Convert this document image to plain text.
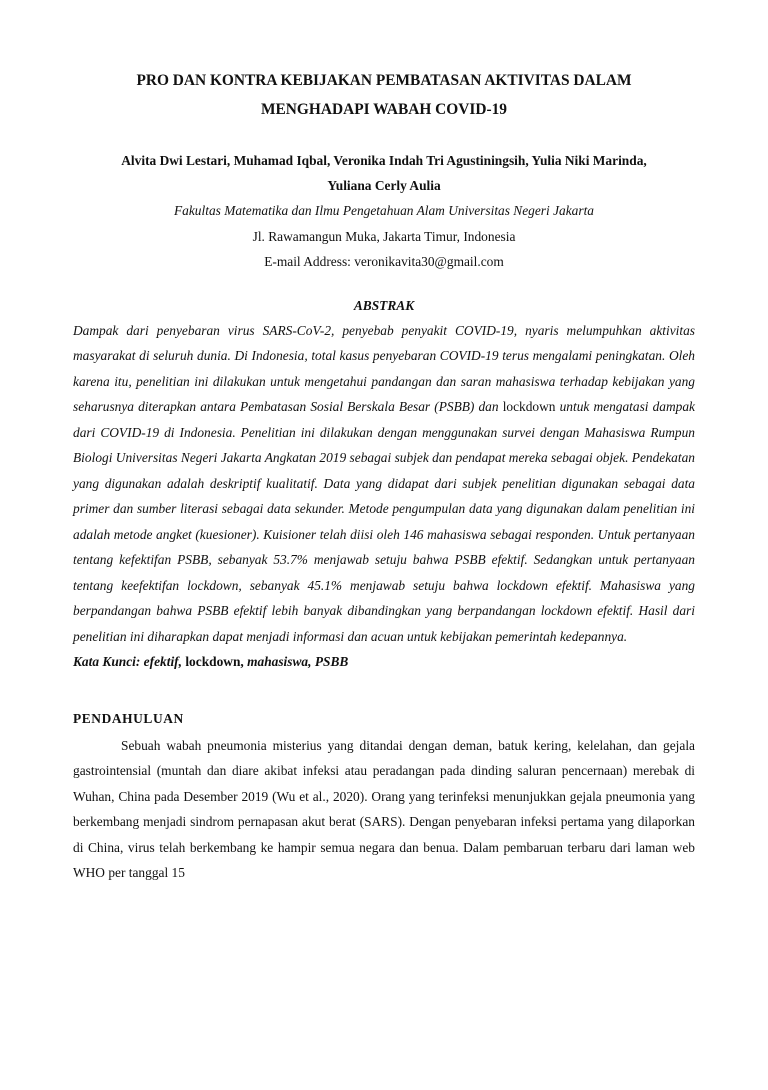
PRO DAN KONTRA KEBIJAKAN PEMBATASAN AKTIVITAS DALAM
MENGHADAPI WABAH COVID-19
Alvita Dwi Lestari, Muhamad Iqbal, Veronika Indah Tri Agustiningsih, Yulia Niki Marinda,
Yuliana Cerly Aulia
Fakultas Matematika dan Ilmu Pengetahuan Alam Universitas Negeri Jakarta
Jl. Rawamangun Muka, Jakarta Timur, Indonesia
E-mail Address: veronikavita30@gmail.com
ABSTRAK

Dampak dari penyebaran virus SARS-CoV-2, penyebab penyakit COVID-19, nyaris melumpuhkan aktivitas masyarakat di seluruh dunia. Di Indonesia, total kasus penyebaran COVID-19 terus mengalami peningkatan. Oleh karena itu, penelitian ini dilakukan untuk mengetahui pandangan dan saran mahasiswa terhadap kebijakan yang seharusnya diterapkan antara Pembatasan Sosial Berskala Besar (PSBB) dan lockdown untuk mengatasi dampak dari COVID-19 di Indonesia. Penelitian ini dilakukan dengan menggunakan survei dengan Mahasiswa Rumpun Biologi Universitas Negeri Jakarta Angkatan 2019 sebagai subjek dan pendapat mereka sebagai objek. Pendekatan yang digunakan adalah deskriptif kualitatif. Data yang didapat dari subjek penelitian digunakan sebagai data primer dan sumber literasi sebagai data sekunder. Metode pengumpulan data yang digunakan dalam penelitian ini adalah metode angket (kuesioner). Kuisioner telah diisi oleh 146 mahasiswa sebagai responden. Untuk pertanyaan tentang kefektifan PSBB, sebanyak 53.7% menjawab setuju bahwa PSBB efektif. Sedangkan untuk pertanyaan tentang keefektifan lockdown, sebanyak 45.1% menjawab setuju bahwa lockdown efektif. Mahasiswa yang berpandangan bahwa PSBB efektif lebih banyak dibandingkan yang berpandangan lockdown efektif. Hasil dari penelitian ini diharapkan dapat menjadi informasi dan acuan untuk kebijakan pemerintah kedepannya.

Kata Kunci: efektif, lockdown, mahasiswa, PSBB
PENDAHULUAN

Sebuah wabah pneumonia misterius yang ditandai dengan deman, batuk kering, kelelahan, dan gejala gastrointensial (muntah dan diare akibat infeksi atau peradangan pada dinding saluran pencernaan) merebak di Wuhan, China pada Desember 2019 (Wu et al., 2020). Orang yang terinfeksi menunjukkan gejala pneumonia yang berkembang menjadi sindrom pernapasan akut berat (SARS). Dengan penyebaran infeksi pertama yang dilaporkan di China, virus telah berkembang ke hampir semua negara dan benua. Dalam pembaruan terbaru dari laman web WHO per tanggal 15
